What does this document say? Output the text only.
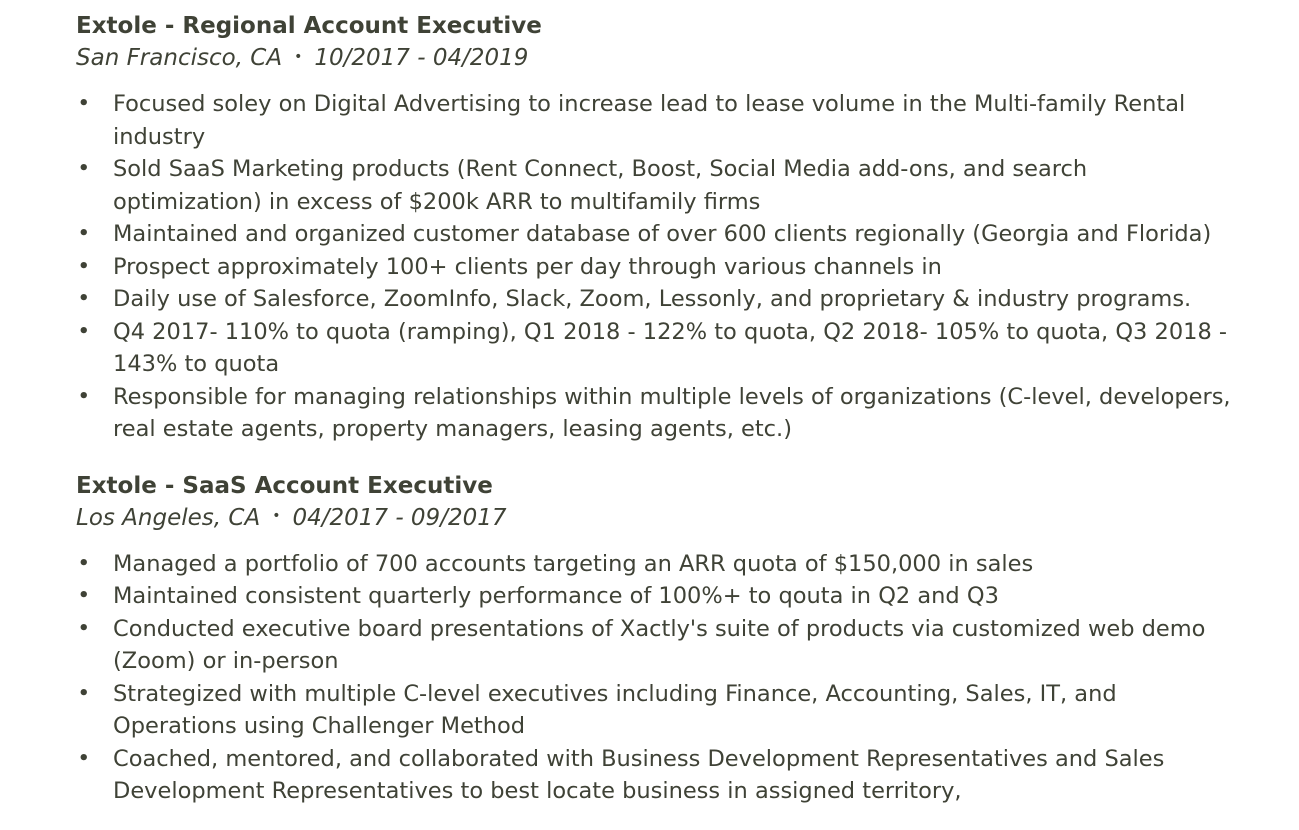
Extole - Regional Account Executive
San Francisco, CA • 10/2017 - 04/2019
• Focused soley on Digital Advertising to increase lead to lease volume in the Multi-family Rental industry
• Sold SaaS Marketing products (Rent Connect, Boost, Social Media add-ons, and search optimization) in excess of $200k ARR to multifamily firms
• Maintained and organized customer database of over 600 clients regionally (Georgia and Florida)
• Prospect approximately 100+ clients per day through various channels in
• Daily use of Salesforce, ZoomInfo, Slack, Zoom, Lessonly, and proprietary & industry programs.
• Q4 2017- 110% to quota (ramping), Q1 2018 - 122% to quota, Q2 2018- 105% to quota, Q3 2018 - 143% to quota
• Responsible for managing relationships within multiple levels of organizations (C-level, developers, real estate agents, property managers, leasing agents, etc.)
Extole - SaaS Account Executive
Los Angeles, CA • 04/2017 - 09/2017
• Managed a portfolio of 700 accounts targeting an ARR quota of $150,000 in sales
• Maintained consistent quarterly performance of 100%+ to qouta in Q2 and Q3
• Conducted executive board presentations of Xactly's suite of products via customized web demo (Zoom) or in-person
• Strategized with multiple C-level executives including Finance, Accounting, Sales, IT, and Operations using Challenger Method
• Coached, mentored, and collaborated with Business Development Representatives and Sales Development Representatives to best locate business in assigned territory,
